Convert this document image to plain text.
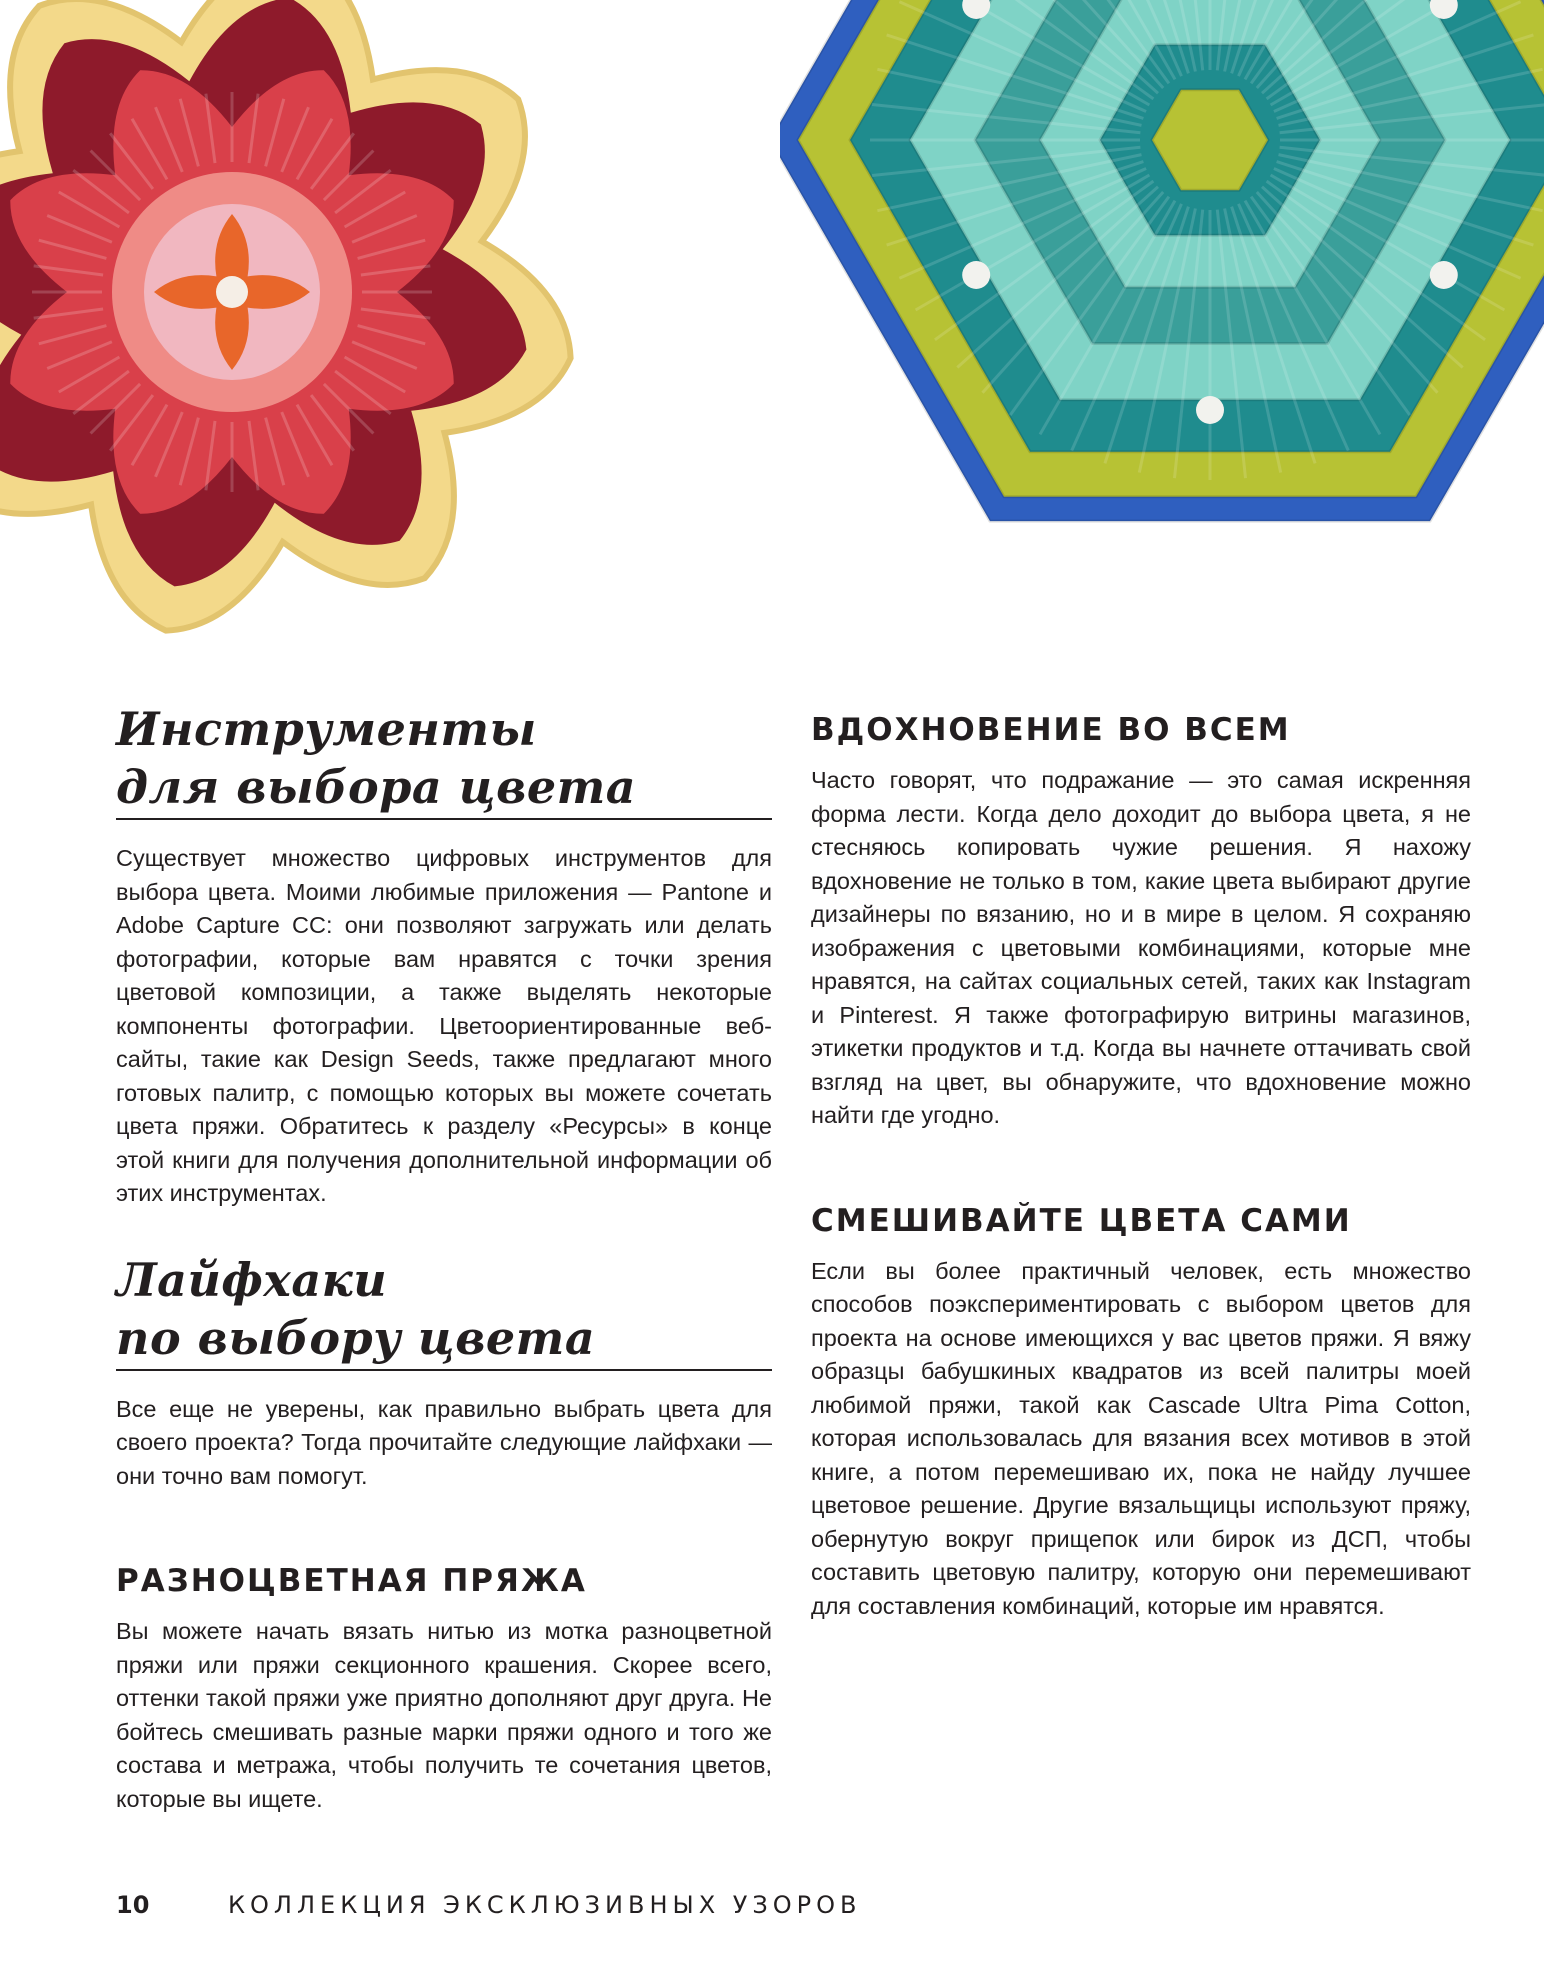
Инструменты
для выбора цвета

Существует множество цифровых инструментов для выбора цвета. Моими любимые приложения — Pantone и Adobe Capture CC: они позволяют загружать или делать фотографии, которые вам нравятся с точки зрения цветовой композиции, а также выделять некоторые компоненты фотографии. Цветоориентированные веб-сайты, такие как Design Seeds, также предлагают много готовых палитр, с помощью которых вы можете сочетать цвета пряжи. Обратитесь к разделу «Ресурсы» в конце этой книги для получения дополнительной информации об этих инструментах.

Лайфхаки
по выбору цвета

Все еще не уверены, как правильно выбрать цвета для своего проекта? Тогда прочитайте следующие лайфхаки — они точно вам помогут.

РАЗНОЦВЕТНАЯ ПРЯЖА

Вы можете начать вязать нитью из мотка разноцветной пряжи или пряжи секционного крашения. Скорее всего, оттенки такой пряжи уже приятно дополняют друг друга. Не бойтесь смешивать разные марки пряжи одного и того же состава и метража, чтобы получить те сочетания цветов, которые вы ищете.

ВДОХНОВЕНИЕ ВО ВСЕМ

Часто говорят, что подражание — это самая искренняя форма лести. Когда дело доходит до выбора цвета, я не стесняюсь копировать чужие решения. Я нахожу вдохновение не только в том, какие цвета выбирают другие дизайнеры по вязанию, но и в мире в целом. Я сохраняю изображения с цветовыми комбинациями, которые мне нравятся, на сайтах социальных сетей, таких как Instagram и Pinterest. Я также фотографирую витрины магазинов, этикетки продуктов и т.д. Когда вы начнете оттачивать свой взгляд на цвет, вы обнаружите, что вдохновение можно найти где угодно.

СМЕШИВАЙТЕ ЦВЕТА САМИ

Если вы более практичный человек, есть множество способов поэкспериментировать с выбором цветов для проекта на основе имеющихся у вас цветов пряжи. Я вяжу образцы бабушкиных квадратов из всей палитры моей любимой пряжи, такой как Cascade Ultra Pima Cotton, которая использовалась для вязания всех мотивов в этой книге, а потом перемешиваю их, пока не найду лучшее цветовое решение. Другие вязальщицы используют пряжу, обернутую вокруг прищепок или бирок из ДСП, чтобы составить цветовую палитру, которую они перемешивают для составления комбинаций, которые им нравятся.

10	КОЛЛЕКЦИЯ ЭКСКЛЮЗИВНЫХ УЗОРОВ
